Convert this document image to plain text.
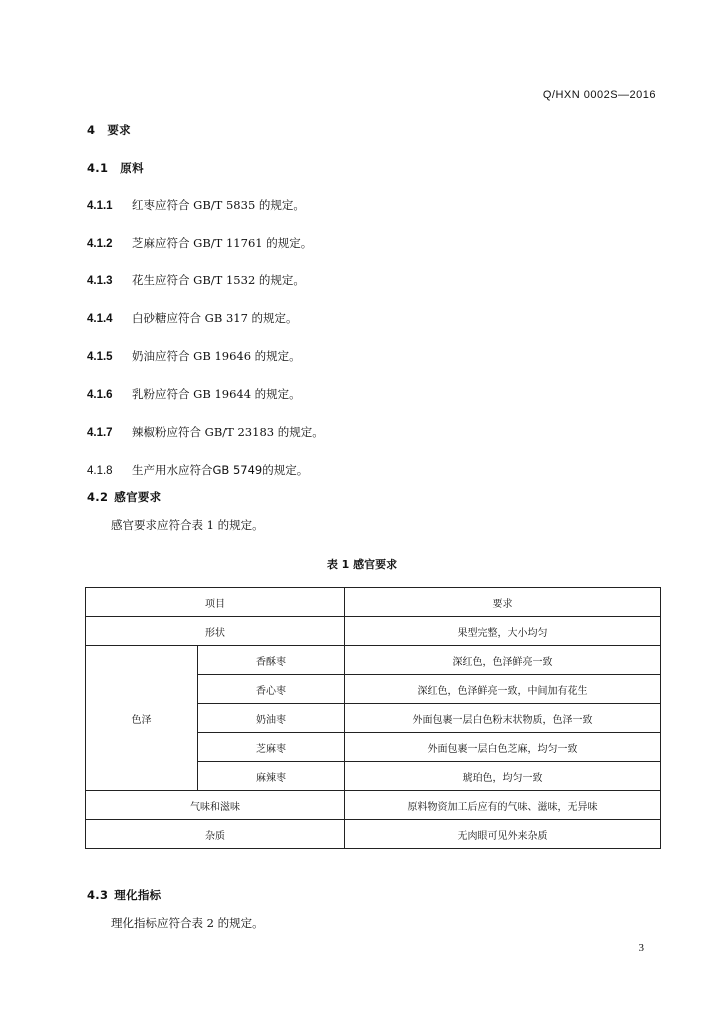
Q/HXN 0002S—2016
4 要求
4.1 原料
4.1.1 红枣应符合 GB/T 5835 的规定。
4.1.2 芝麻应符合 GB/T 11761 的规定。
4.1.3 花生应符合 GB/T 1532 的规定。
4.1.4 白砂糖应符合 GB 317 的规定。
4.1.5 奶油应符合 GB 19646 的规定。
4.1.6 乳粉应符合 GB 19644 的规定。
4.1.7 辣椒粉应符合 GB/T 23183 的规定。
4.1.8 生产用水应符合GB 5749的规定。
4.2 感官要求
感官要求应符合表 1 的规定。
表 1 感官要求
项目		要求
形状		果型完整，大小均匀
色泽	香酥枣	深红色，色泽鲜亮一致
	香心枣	深红色，色泽鲜亮一致，中间加有花生
	奶油枣	外面包裹一层白色粉末状物质，色泽一致
	芝麻枣	外面包裹一层白色芝麻，均匀一致
	麻辣枣	琥珀色，均匀一致
气味和滋味		原料物资加工后应有的气味、滋味，无异味
杂质		无肉眼可见外来杂质
4.3 理化指标
理化指标应符合表 2 的规定。
3
